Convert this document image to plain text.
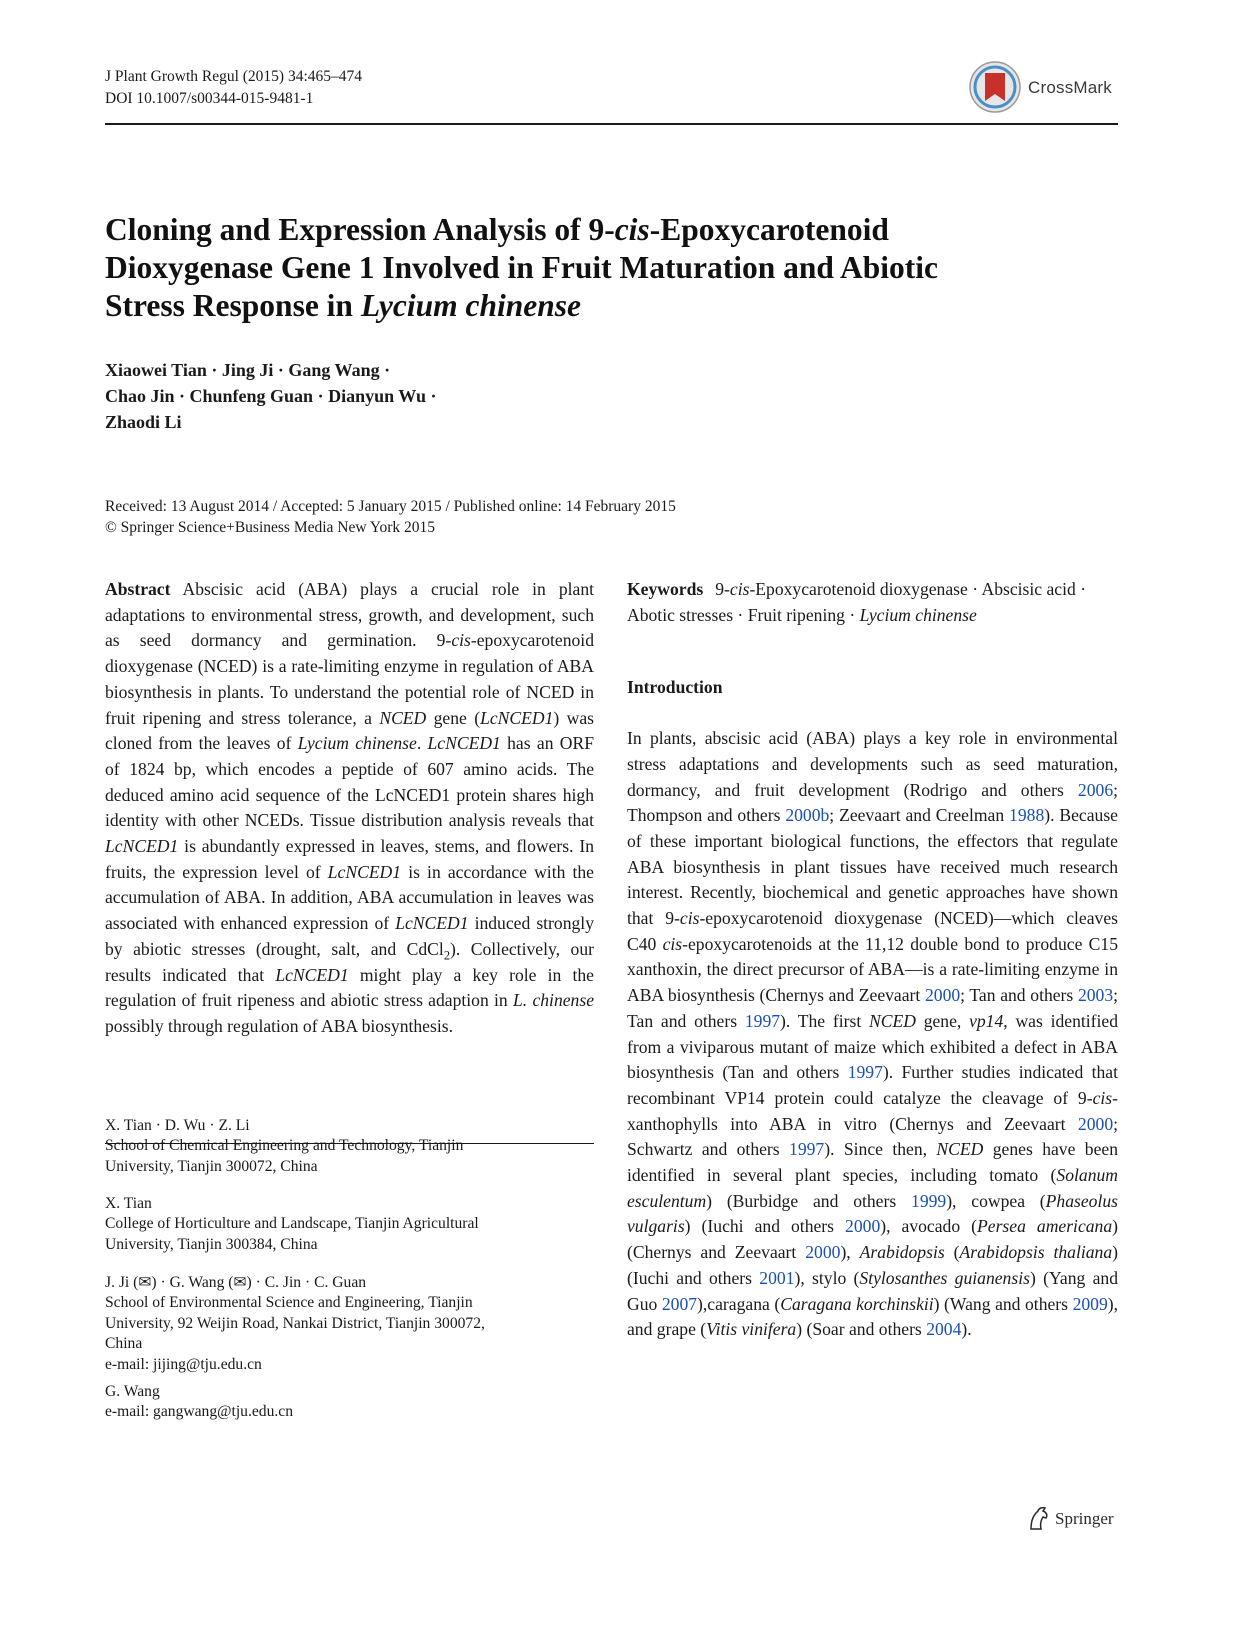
J Plant Growth Regul (2015) 34:465–474
DOI 10.1007/s00344-015-9481-1
CrossMark
Cloning and Expression Analysis of 9-cis-Epoxycarotenoid
Dioxygenase Gene 1 Involved in Fruit Maturation and Abiotic
Stress Response in Lycium chinense
Xiaowei Tian · Jing Ji · Gang Wang ·
Chao Jin · Chunfeng Guan · Dianyun Wu ·
Zhaodi Li
Received: 13 August 2014 / Accepted: 5 January 2015 / Published online: 14 February 2015
© Springer Science+Business Media New York 2015

Abstract Abscisic acid (ABA) plays a crucial role in plant adaptations to environmental stress, growth, and development, such as seed dormancy and germination. 9-cis-epoxycarotenoid dioxygenase (NCED) is a rate-limiting enzyme in regulation of ABA biosynthesis in plants. To understand the potential role of NCED in fruit ripening and stress tolerance, a NCED gene (LcNCED1) was cloned from the leaves of Lycium chinense. LcNCED1 has an ORF of 1824 bp, which encodes a peptide of 607 amino acids. The deduced amino acid sequence of the LcNCED1 protein shares high identity with other NCEDs. Tissue distribution analysis reveals that LcNCED1 is abundantly expressed in leaves, stems, and flowers. In fruits, the expression level of LcNCED1 is in accordance with the accumulation of ABA. In addition, ABA accumulation in leaves was associated with enhanced expression of LcNCED1 induced strongly by abiotic stresses (drought, salt, and CdCl$_2$). Collectively, our results indicated that LcNCED1 might play a key role in the regulation of fruit ripeness and abiotic stress adaption in L. chinense possibly through regulation of ABA biosynthesis.

X. Tian · D. Wu · Z. Li
School of Chemical Engineering and Technology, Tianjin
University, Tianjin 300072, China
X. Tian
College of Horticulture and Landscape, Tianjin Agricultural
University, Tianjin 300384, China
J. Ji (✉) · G. Wang (✉) · C. Jin · C. Guan
School of Environmental Science and Engineering, Tianjin
University, 92 Weijin Road, Nankai District, Tianjin 300072,
China
e-mail: jijing@tju.edu.cn
G. Wang
e-mail: gangwang@tju.edu.cn

Keywords 9-cis-Epoxycarotenoid dioxygenase · Abscisic acid · Abotic stresses · Fruit ripening · Lycium chinense

Introduction

In plants, abscisic acid (ABA) plays a key role in environmental stress adaptations and developments such as seed maturation, dormancy, and fruit development (Rodrigo and others 2006; Thompson and others 2000b; Zeevaart and Creelman 1988). Because of these important biological functions, the effectors that regulate ABA biosynthesis in plant tissues have received much research interest. Recently, biochemical and genetic approaches have shown that 9-cis-epoxycarotenoid dioxygenase (NCED)—which cleaves C40 cis-epoxycarotenoids at the 11,12 double bond to produce C15 xanthoxin, the direct precursor of ABA—is a rate-limiting enzyme in ABA biosynthesis (Chernys and Zeevaart 2000; Tan and others 2003; Tan and others 1997). The first NCED gene, vp14, was identified from a viviparous mutant of maize which exhibited a defect in ABA biosynthesis (Tan and others 1997). Further studies indicated that recombinant VP14 protein could catalyze the cleavage of 9-cis-xanthophylls into ABA in vitro (Chernys and Zeevaart 2000; Schwartz and others 1997). Since then, NCED genes have been identified in several plant species, including tomato (Solanum esculentum) (Burbidge and others 1999), cowpea (Phaseolus vulgaris) (Iuchi and others 2000), avocado (Persea americana) (Chernys and Zeevaart 2000), Arabidopsis (Arabidopsis thaliana) (Iuchi and others 2001), stylo (Stylosanthes guianensis) (Yang and Guo 2007),caragana (Caragana korchinskii) (Wang and others 2009), and grape (Vitis vinifera) (Soar and others 2004).

Springer
